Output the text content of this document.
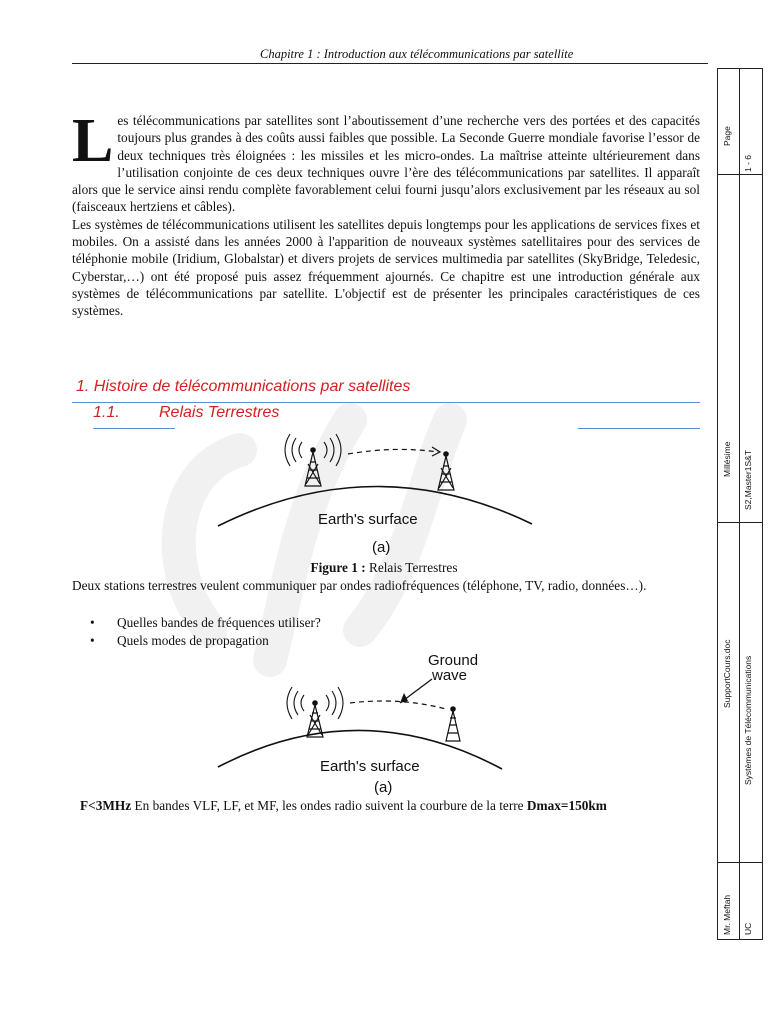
Chapitre 1 : Introduction aux télécommunications par satellite
Page
1 - 6
Millésime S2,Master1S&T
SupportCours.doc Systèmes de Télécommunications
Mr. Meftah UC
L es télécommunications par satellites sont l’aboutissement d’une recherche vers des portées et des capacités toujours plus grandes à des coûts aussi faibles que possible. La Seconde Guerre mondiale favorise l’essor de deux techniques très éloignées : les missiles et les micro-ondes. La maîtrise atteinte ultérieurement dans l’utilisation conjointe de ces deux techniques ouvre l’ère des télécommunications par satellites. Il apparaît alors que le service ainsi rendu complète favorablement celui fourni jusqu’alors exclusivement par les réseaux au sol (faisceaux hertziens et câbles).
Les systèmes de télécommunications utilisent les satellites depuis longtemps pour les applications de services fixes et mobiles. On a assisté dans les années 2000 à l'apparition de nouveaux systèmes satellitaires pour des services de téléphonie mobile (Iridium, Globalstar) et divers projets de services multimedia par satellites (SkyBridge, Teledesic, Cyberstar,…) ont été proposé puis assez fréquemment ajournés. Ce chapitre est une introduction générale aux systèmes de télécommunications par satellite. L'objectif est de présenter les principales caractéristiques de ces systèmes.
1. Histoire de télécommunications par satellites
1.1. Relais Terrestres
Earth's surface
(a)
Figure 1 : Relais Terrestres
Deux stations terrestres veulent communiquer par ondes radiofréquences (téléphone, TV, radio, données…).
• Quelles bandes de fréquences utiliser?
• Quels modes de propagation
Ground
wave
Earth's surface
(a)
F<3MHz En bandes VLF, LF, et MF, les ondes radio suivent la courbure de la terre Dmax=150km
